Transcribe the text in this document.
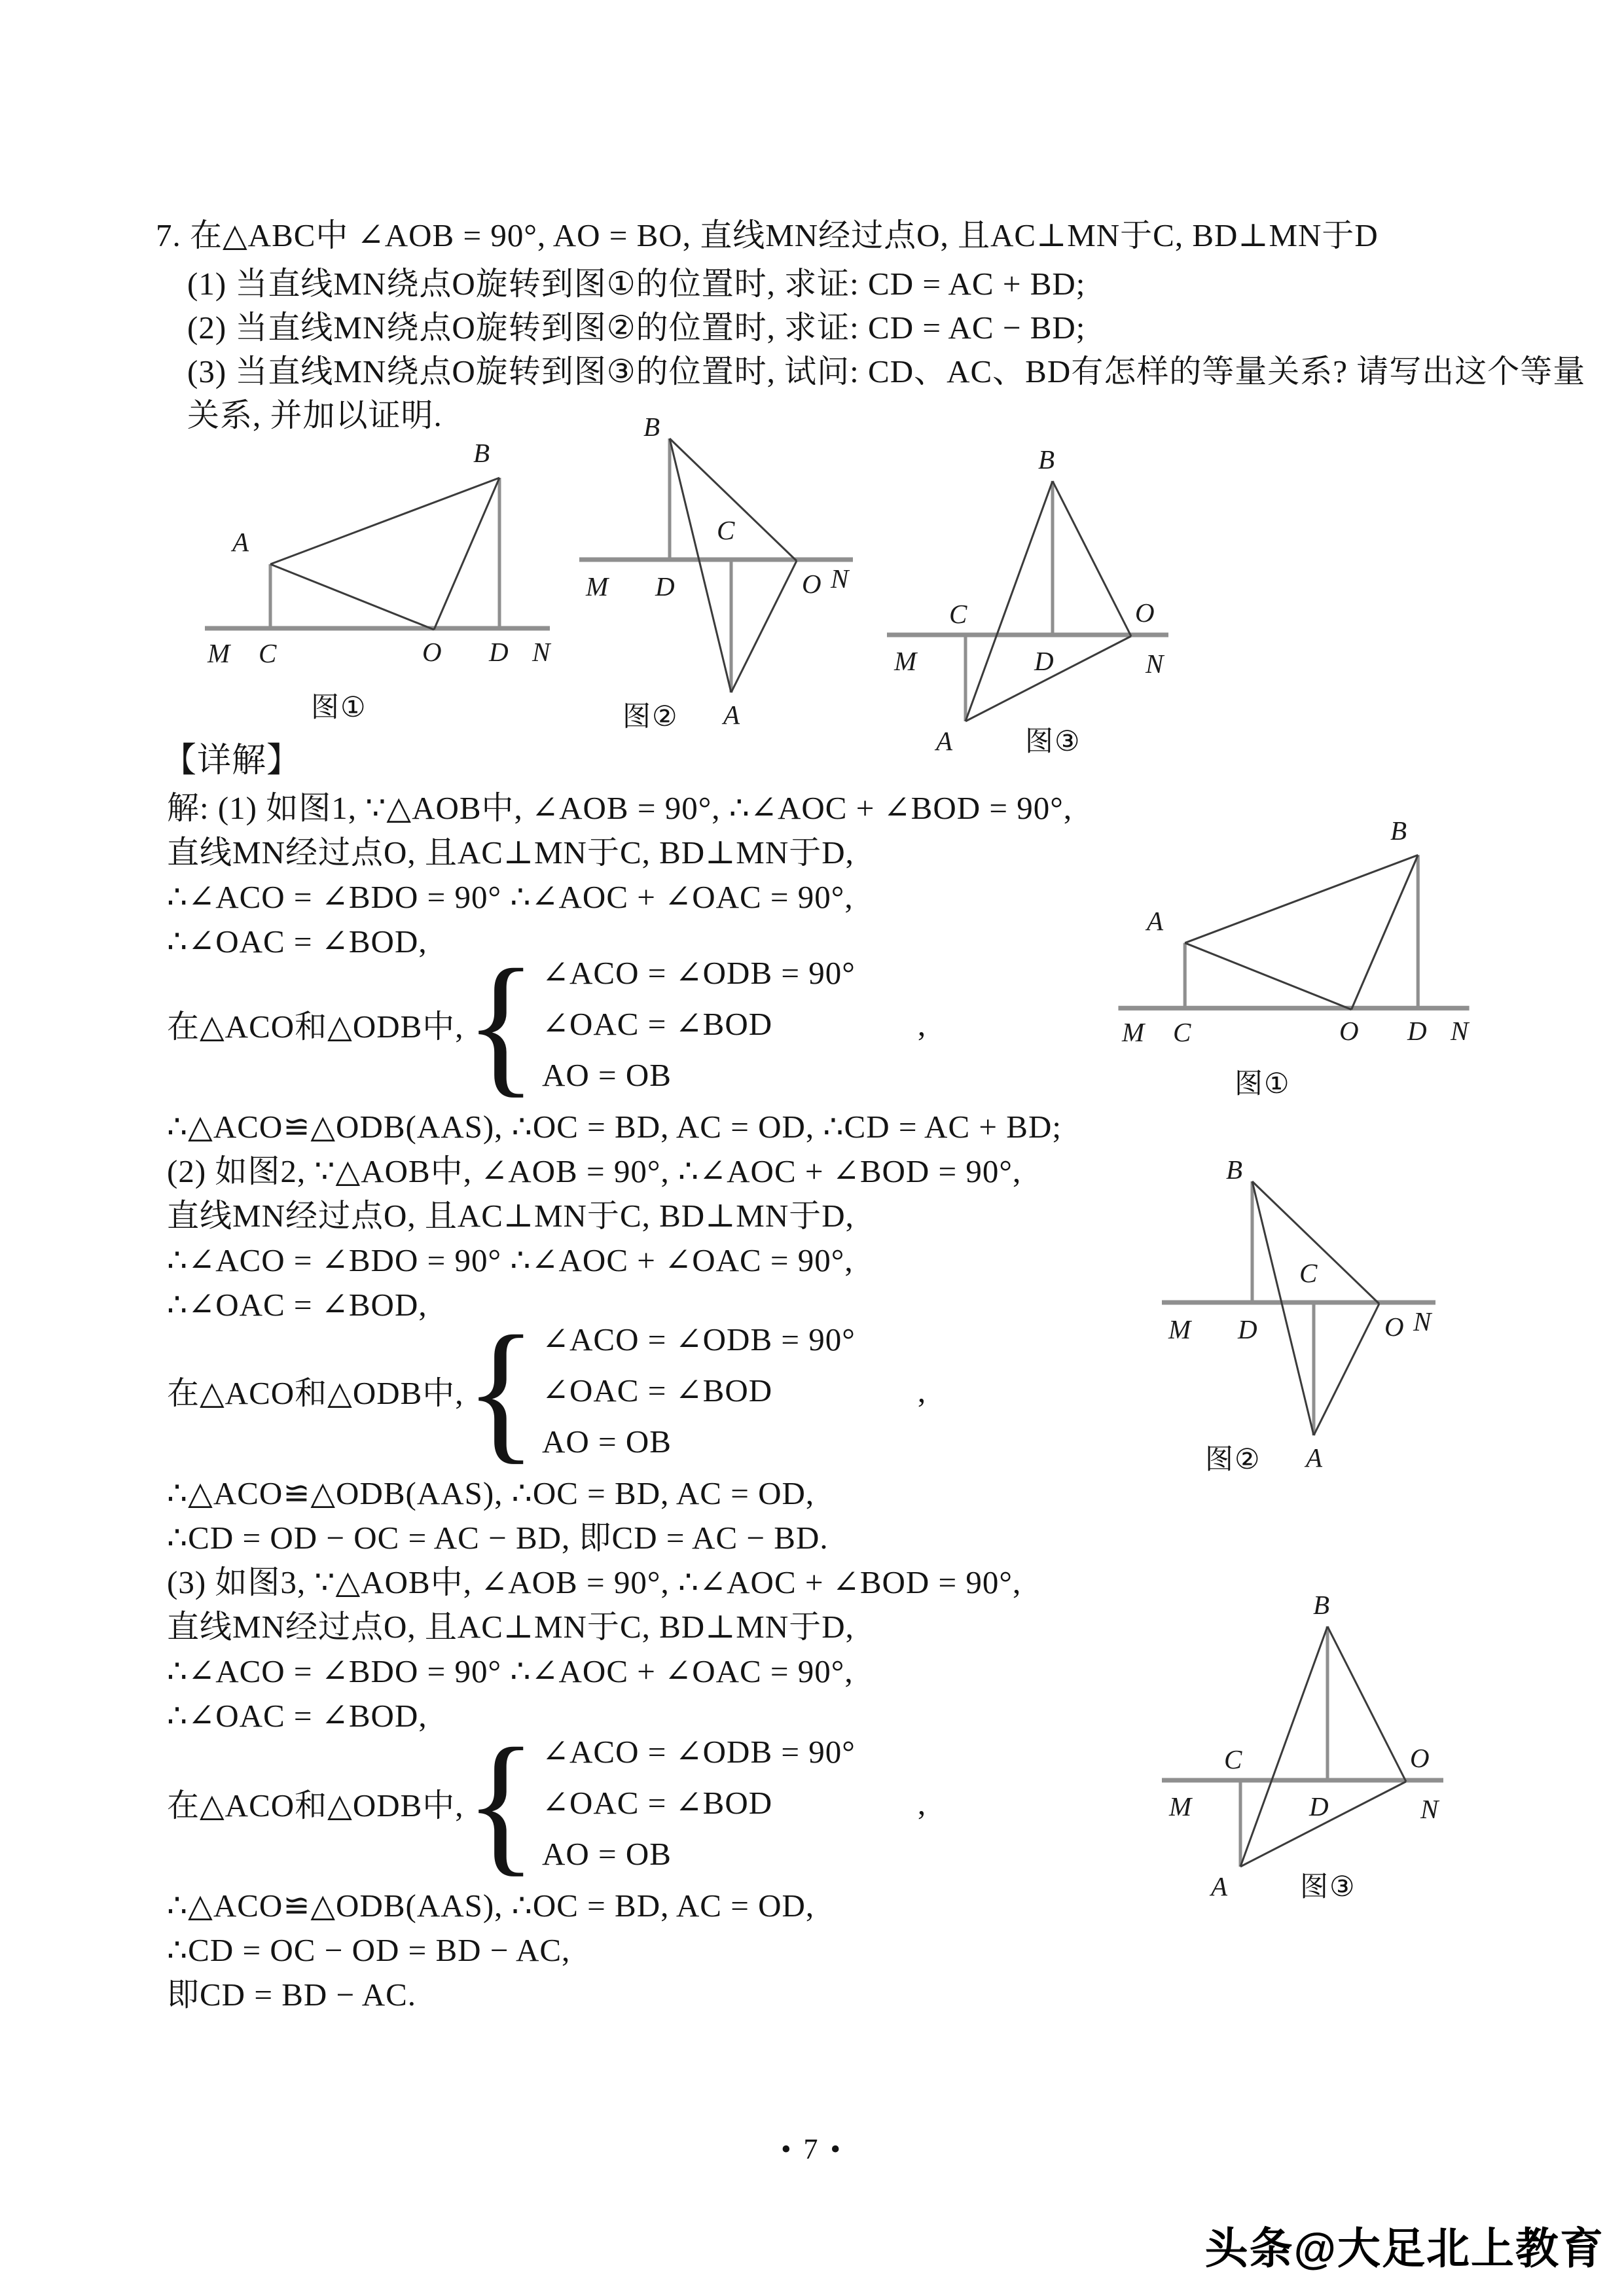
7. 在△ABC中 ∠AOB = 90°, AO = BO, 直线MN经过点O, 且AC⊥MN于C, BD⊥MN于D
(1) 当直线MN绕点O旋转到图①的位置时, 求证: CD = AC + BD;
(2) 当直线MN绕点O旋转到图②的位置时, 求证: CD = AC − BD;
(3) 当直线MN绕点O旋转到图③的位置时, 试问: CD、AC、BD有怎样的等量关系? 请写出这个等量
关系, 并加以证明.
A
B
M C	O D N
图①
B
C
M D	O N
A
图②
B
C	O
M	D	N
A	图③
【详解】
解: (1) 如图1, ∵△AOB中, ∠AOB = 90°, ∴∠AOC + ∠BOD = 90°,
直线MN经过点O, 且AC⊥MN于C, BD⊥MN于D,
∴∠ACO = ∠BDO = 90° ∴∠AOC + ∠OAC = 90°,
∴∠OAC = ∠BOD,
在△ACO和△ODB中, { ∠ACO = ∠ODB = 90°
∠OAC = ∠BOD
AO = OB
,
∴△ACO≌△ODB(AAS), ∴OC = BD, AC = OD, ∴CD = AC + BD;
(2) 如图2, ∵△AOB中, ∠AOB = 90°, ∴∠AOC + ∠BOD = 90°,
直线MN经过点O, 且AC⊥MN于C, BD⊥MN于D,
∴∠ACO = ∠BDO = 90° ∴∠AOC + ∠OAC = 90°,
∴∠OAC = ∠BOD,
在△ACO和△ODB中, { ∠ACO = ∠ODB = 90°
∠OAC = ∠BOD
AO = OB
,
∴△ACO≌△ODB(AAS), ∴OC = BD, AC = OD,
∴CD = OD − OC = AC − BD, 即CD = AC − BD.
(3) 如图3, ∵△AOB中, ∠AOB = 90°, ∴∠AOC + ∠BOD = 90°,
直线MN经过点O, 且AC⊥MN于C, BD⊥MN于D,
∴∠ACO = ∠BDO = 90° ∴∠AOC + ∠OAC = 90°,
∴∠OAC = ∠BOD,
在△ACO和△ODB中, { ∠ACO = ∠ODB = 90°
∠OAC = ∠BOD
AO = OB
,
∴△ACO≌△ODB(AAS), ∴OC = BD, AC = OD,
∴CD = OC − OD = BD − AC,
即CD = BD − AC.
A
B
M C	O D N
图①
B
C
M D	O N
A
图②
B
C	O
M	D	N
A	图③
• 7 •
头条@大足北上教育
